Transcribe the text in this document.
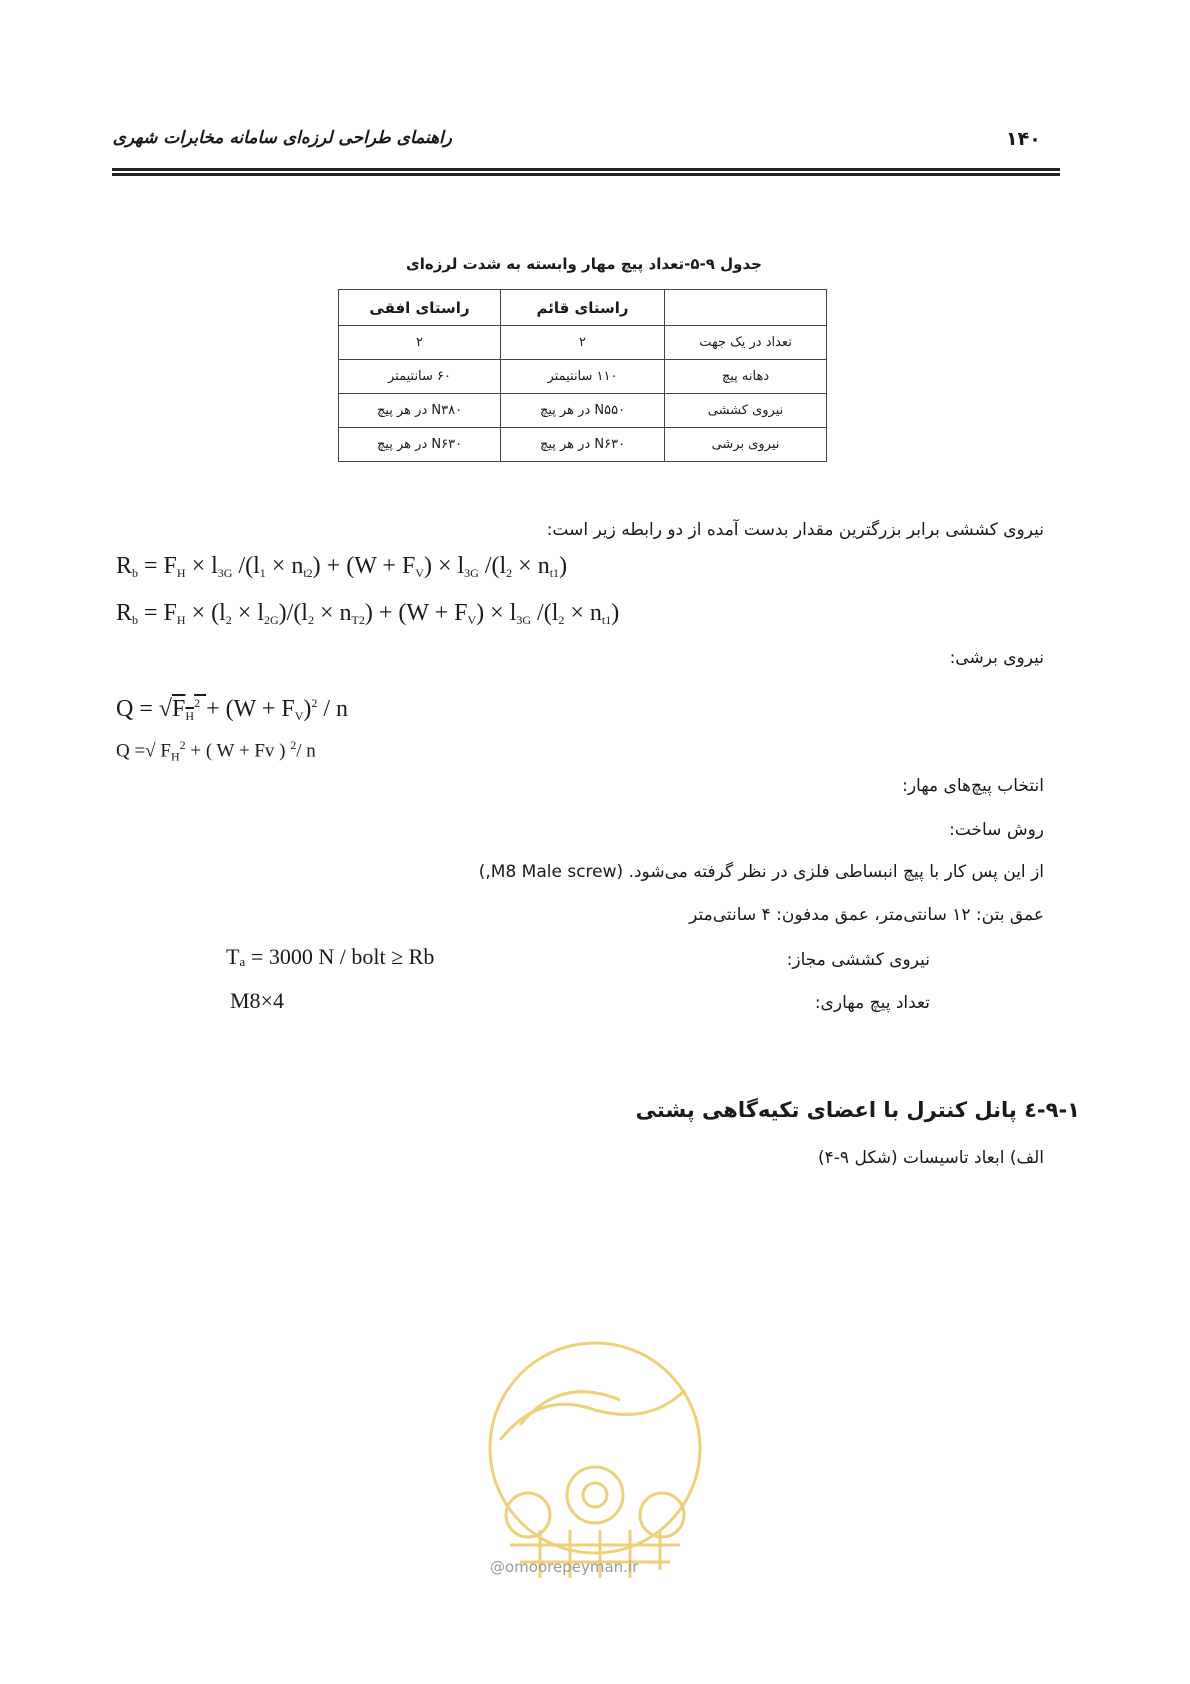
۱۴۰
راهنمای طراحی لرزه‌ای سامانه مخابرات شهری
جدول ۹-۵-تعداد پیچ مهار وابسته به شدت لرزه‌ای
	راستای قائم	راستای افقی
تعداد در یک جهت	۲	۲
دهانه پیچ	۱۱۰ سانتیمتر	۶۰ سانتیمتر
نیروی کششی	N۵۵۰ در هر پیچ	N۳۸۰ در هر پیچ
نیروی برشی	N۶۳۰ در هر پیچ	N۶۳۰ در هر پیچ
نیروی کششی برابر بزرگترین مقدار بدست آمده از دو رابطه زیر است:
$R_b = F_H \times l_{3G}$ $/(l_1 \times n_{t2}) + (W + F_V) \times l_{3G}$ $/(l_2 \times n_{t1})$
$R_b = F_H \times (l_2 \times l_{2G})/(l_2 \times n_{T2}) + (W + F_V) \times l_{3G}$ $/(l_2 \times n_{t1})$
نیروی برشی:
$Q = √F_H^2 + (W + F_V)^2 / n$
Q =√ $F_H^2$ + ( W + Fv ) $^2$/ n
انتخاب پیچ‌های مهار:
روش ساخت:
از این پس کار با پیچ انبساطی فلزی در نظر گرفته می‌شود. (M8 Male screw,)
عمق بتن: ۱۲ سانتی‌متر، عمق مدفون: ۴ سانتی‌متر
نیروی کششی مجاز:
Tₐ = 3000 N / bolt ≥ Rb
تعداد پیچ مهاری:
M8×4
۹-۱-٤ پانل کنترل با اعضای تکیه‌گاهی پشتی
الف) ابعاد تاسیسات (شکل ۹-۴)
@omoorepeyman.ir
